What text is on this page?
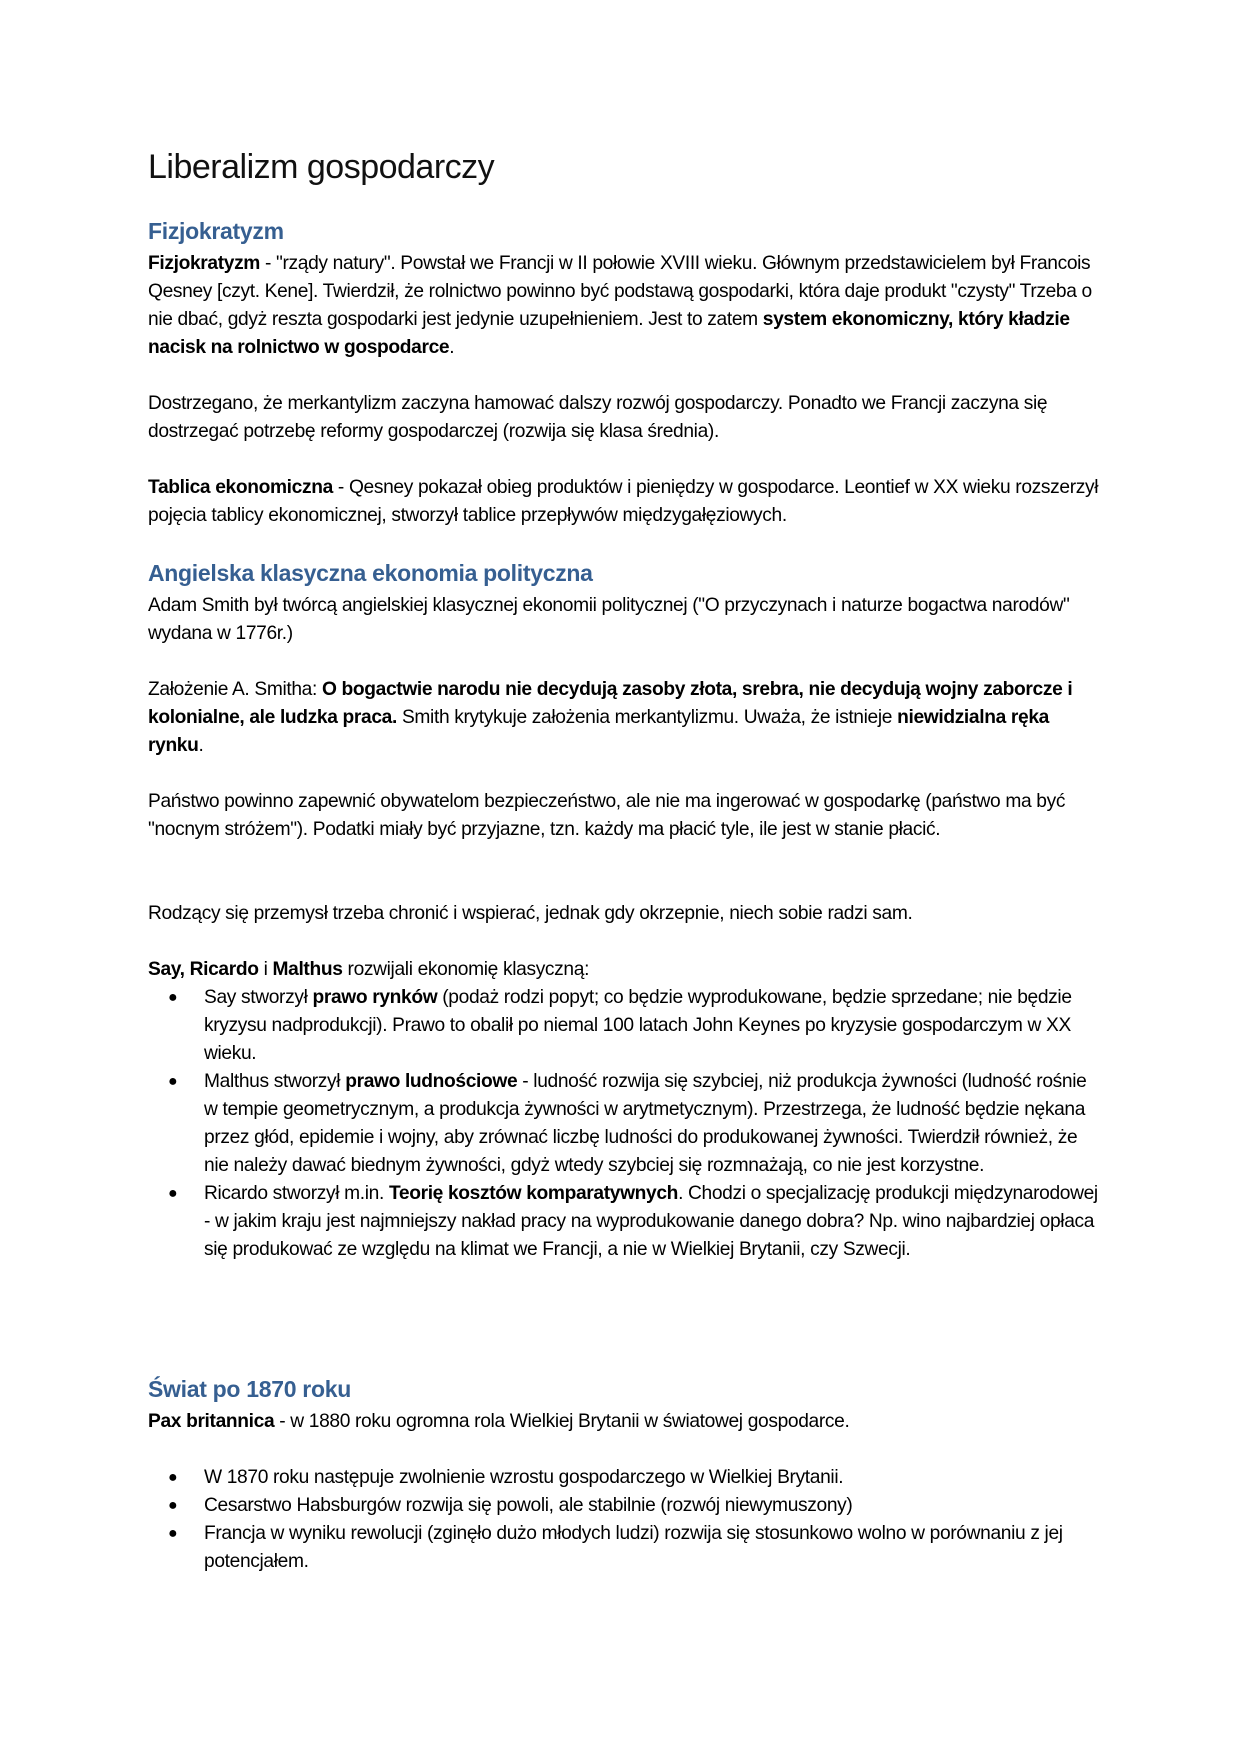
Liberalizm gospodarczy
Fizjokratyzm

Fizjokratyzm - "rządy natury". Powstał we Francji w II połowie XVIII wieku. Głównym przedstawicielem był Francois Qesney [czyt. Kene]. Twierdził, że rolnictwo powinno być podstawą gospodarki, która daje produkt "czysty" Trzeba o nie dbać, gdyż reszta gospodarki jest jedynie uzupełnieniem. Jest to zatem system ekonomiczny, który kładzie nacisk na rolnictwo w gospodarce.

Dostrzegano, że merkantylizm zaczyna hamować dalszy rozwój gospodarczy. Ponadto we Francji zaczyna się dostrzegać potrzebę reformy gospodarczej (rozwija się klasa średnia).

Tablica ekonomiczna - Qesney pokazał obieg produktów i pieniędzy w gospodarce. Leontief w XX wieku rozszerzył pojęcia tablicy ekonomicznej, stworzył tablice przepływów międzygałęziowych.

Angielska klasyczna ekonomia polityczna

Adam Smith był twórcą angielskiej klasycznej ekonomii politycznej ("O przyczynach i naturze bogactwa narodów" wydana w 1776r.)

Założenie A. Smitha: O bogactwie narodu nie decydują zasoby złota, srebra, nie decydują wojny zaborcze i kolonialne, ale ludzka praca. Smith krytykuje założenia merkantylizmu. Uważa, że istnieje niewidzialna ręka rynku.

Państwo powinno zapewnić obywatelom bezpieczeństwo, ale nie ma ingerować w gospodarkę (państwo ma być "nocnym stróżem"). Podatki miały być przyjazne, tzn. każdy ma płacić tyle, ile jest w stanie płacić.

Rodzący się przemysł trzeba chronić i wspierać, jednak gdy okrzepnie, niech sobie radzi sam.

Say, Ricardo i Malthus rozwijali ekonomię klasyczną:

● Say stworzył prawo rynków (podaż rodzi popyt; co będzie wyprodukowane, będzie sprzedane; nie będzie kryzysu nadprodukcji). Prawo to obalił po niemal 100 latach John Keynes po kryzysie gospodarczym w XX wieku.
● Malthus stworzył prawo ludnościowe - ludność rozwija się szybciej, niż produkcja żywności (ludność rośnie w tempie geometrycznym, a produkcja żywności w arytmetycznym). Przestrzega, że ludność będzie nękana przez głód, epidemie i wojny, aby zrównać liczbę ludności do produkowanej żywności. Twierdził również, że nie należy dawać biednym żywności, gdyż wtedy szybciej się rozmnażają, co nie jest korzystne.
● Ricardo stworzył m.in. Teorię kosztów komparatywnych. Chodzi o specjalizację produkcji międzynarodowej - w jakim kraju jest najmniejszy nakład pracy na wyprodukowanie danego dobra? Np. wino najbardziej opłaca się produkować ze względu na klimat we Francji, a nie w Wielkiej Brytanii, czy Szwecji.
Świat po 1870 roku

Pax britannica - w 1880 roku ogromna rola Wielkiej Brytanii w światowej gospodarce.

● W 1870 roku następuje zwolnienie wzrostu gospodarczego w Wielkiej Brytanii.
● Cesarstwo Habsburgów rozwija się powoli, ale stabilnie (rozwój niewymuszony)
● Francja w wyniku rewolucji (zginęło dużo młodych ludzi) rozwija się stosunkowo wolno w porównaniu z jej potencjałem.
